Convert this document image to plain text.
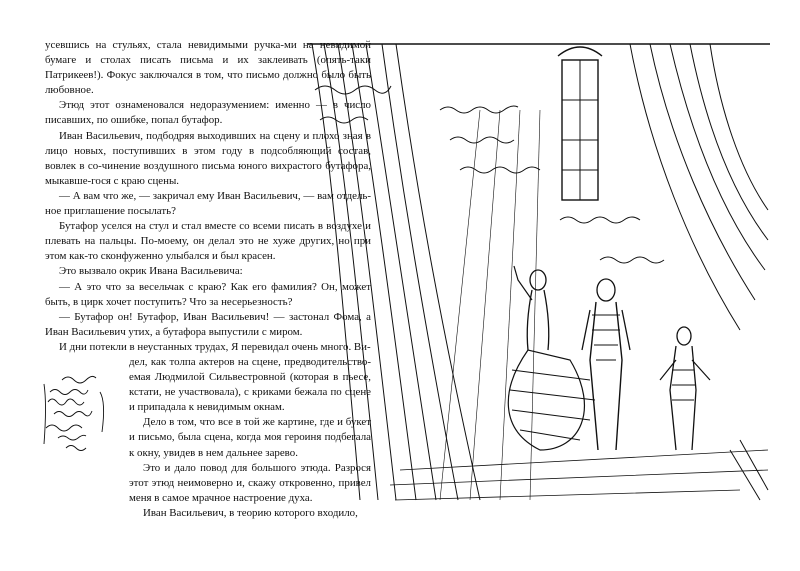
усевшись на стульях, стала невидимыми ручка-ми на невидимой бумаге и столах писать письма и их заклеивать (опять-таки Патрикеев!). Фокус заключался в том, что письмо должно было быть любовное.

Этюд этот ознаменовался недоразумением: именно — в число писавших, по ошибке, попал бутафор.

Иван Васильевич, подбодряя выходивших на сцену и плохо зная в лицо новых, поступивших в этом году в подсобляющий состав, вовлек в со-чинение воздушного письма юного вихрастого бутафора, мыкавше-гося с краю сцены.

— А вам что же, — закричал ему Иван Васильевич, — вам отдель-ное приглашение посылать?

Бутафор уселся на стул и стал вместе со всеми писать в воздухе и плевать на пальцы. По-моему, он делал это не хуже других, но при этом как-то сконфуженно улыбался и был красен.

Это вызвало окрик Ивана Васильевича:

— А это что за весельчак с краю? Как его фамилия? Он, может быть, в цирк хочет поступить? Что за несерьезность?

— Бутафор он! Бутафор, Иван Васильевич! — застонал Фома, а Иван Васильевич утих, а бутафора выпустили с миром.

И дни потекли в неустанных трудах, Я перевидал очень много. Ви-

дел, как толпа актеров на сцене, предводительство-емая Людмилой Сильвестровной (которая в пьесе, кстати, не участвовала), с криками бежала по сцене и припадала к невидимым окнам.

Дело в том, что все в той же картине, где и букет и письмо, была сцена, когда моя героиня подбегала к окну, увидев в нем дальнее зарево.

Это и дало повод для большого этюда. Разрося этот этюд неимоверно и, скажу откровенно, привел меня в самое мрачное настроение духа.

Иван Васильевич, в теорию которого входило,
